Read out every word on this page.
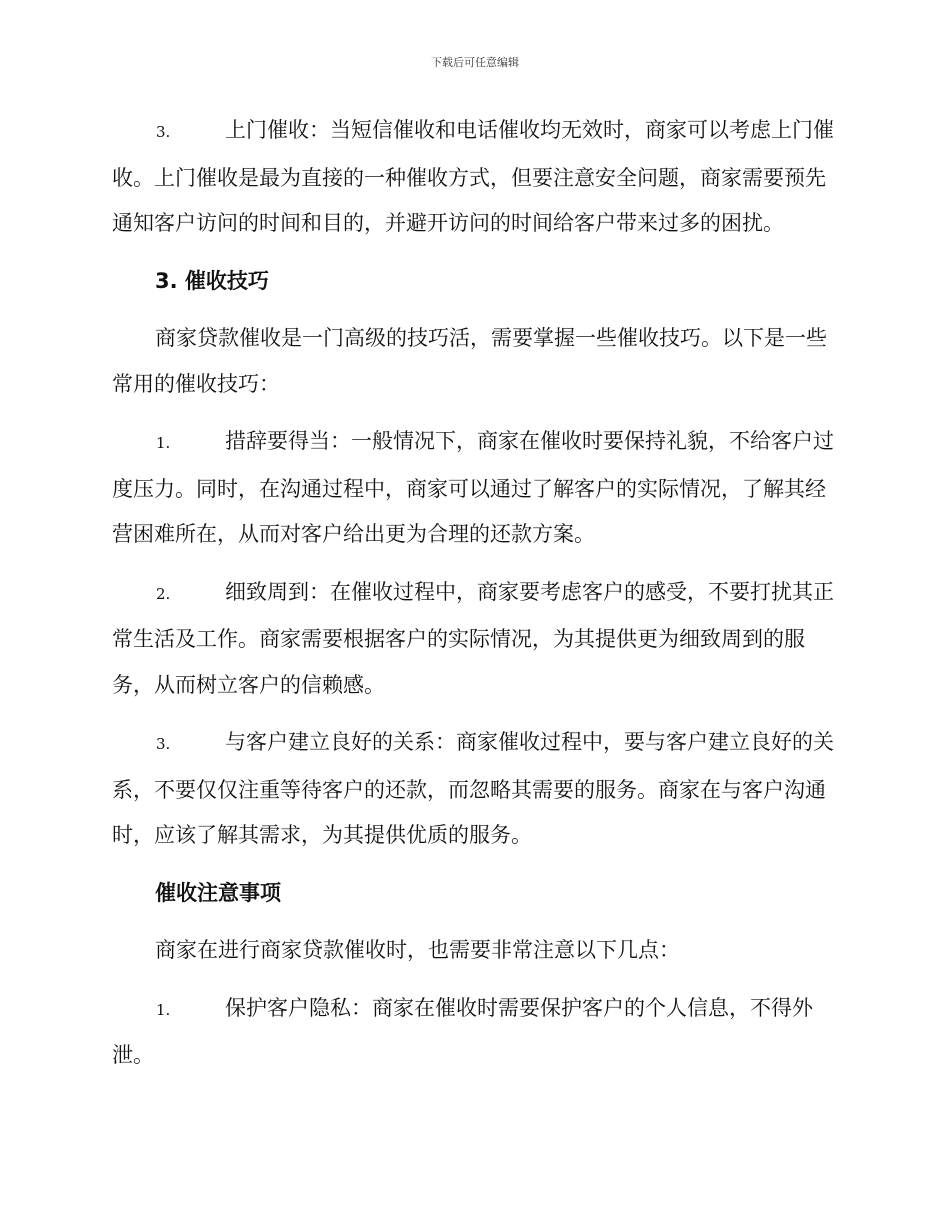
下载后可任意编辑

3.	上门催收：当短信催收和电话催收均无效时，商家可以考虑上门催收。上门催收是最为直接的一种催收方式，但要注意安全问题，商家需要预先通知客户访问的时间和目的，并避开访问的时间给客户带来过多的困扰。

3. 催收技巧

商家贷款催收是一门高级的技巧活，需要掌握一些催收技巧。以下是一些常用的催收技巧：

1.	措辞要得当：一般情况下，商家在催收时要保持礼貌，不给客户过度压力。同时，在沟通过程中，商家可以通过了解客户的实际情况，了解其经营困难所在，从而对客户给出更为合理的还款方案。

2.	细致周到：在催收过程中，商家要考虑客户的感受，不要打扰其正常生活及工作。商家需要根据客户的实际情况，为其提供更为细致周到的服务，从而树立客户的信赖感。

3.	与客户建立良好的关系：商家催收过程中，要与客户建立良好的关系，不要仅仅注重等待客户的还款，而忽略其需要的服务。商家在与客户沟通时，应该了解其需求，为其提供优质的服务。

催收注意事项

商家在进行商家贷款催收时，也需要非常注意以下几点：

1.	保护客户隐私：商家在催收时需要保护客户的个人信息，不得外泄。
